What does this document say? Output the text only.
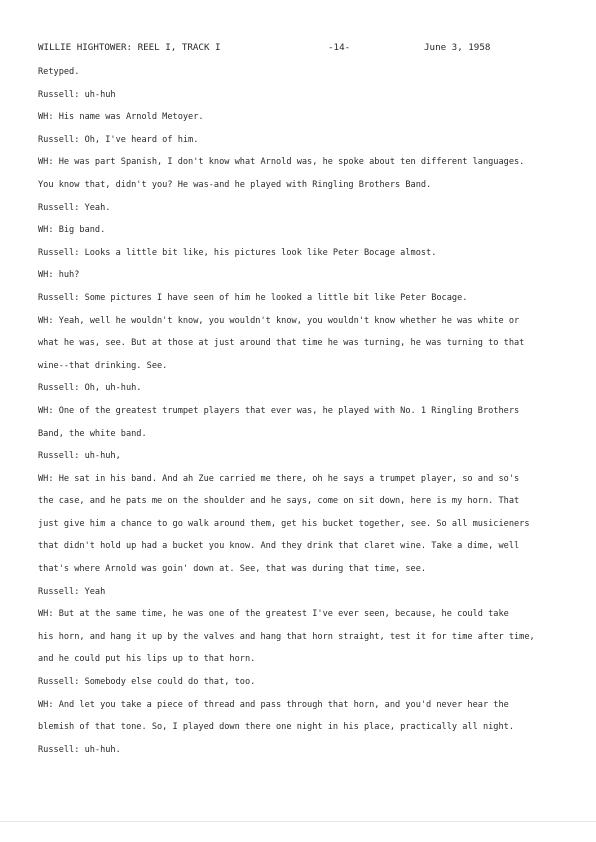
WILLIE HIGHTOWER: REEL I, TRACK I	-14-	June 3, 1958
Retyped.
Russell: uh-huh
WH: His name was Arnold Metoyer.
Russell: Oh, I've heard of him.
WH: He was part Spanish, I don't know what Arnold was, he spoke about ten different languages.
You know that, didn't you? He was-and he played with Ringling Brothers Band.
Russell: Yeah.
WH: Big band.
Russell: Looks a little bit like, his pictures look like Peter Bocage almost.
WH: huh?
Russell: Some pictures I have seen of him he looked a little bit like Peter Bocage.
WH: Yeah, well he wouldn't know, you wouldn't know, you wouldn't know whether he was white or
what he was, see. But at those at just around that time he was turning, he was turning to that
wine--that drinking. See.
Russell: Oh, uh-huh.
WH: One of the greatest trumpet players that ever was, he played with No. 1 Ringling Brothers
Band, the white band.
Russell: uh-huh,
WH: He sat in his band. And ah Zue carried me there, oh he says a trumpet player, so and so's
the case, and he pats me on the shoulder and he says, come on sit down, here is my horn. That
just give him a chance to go walk around them, get his bucket together, see. So all musicieners
that didn't hold up had a bucket you know. And they drink that claret wine. Take a dime, well
that's where Arnold was goin' down at. See, that was during that time, see.
Russell: Yeah
WH: But at the same time, he was one of the greatest I've ever seen, because, he could take
his horn, and hang it up by the valves and hang that horn straight, test it for time after time,
and he could put his lips up to that horn.
Russell: Somebody else could do that, too.
WH: And let you take a piece of thread and pass through that horn, and you'd never hear the
blemish of that tone. So, I played down there one night in his place, practically all night.
Russell: uh-huh.
